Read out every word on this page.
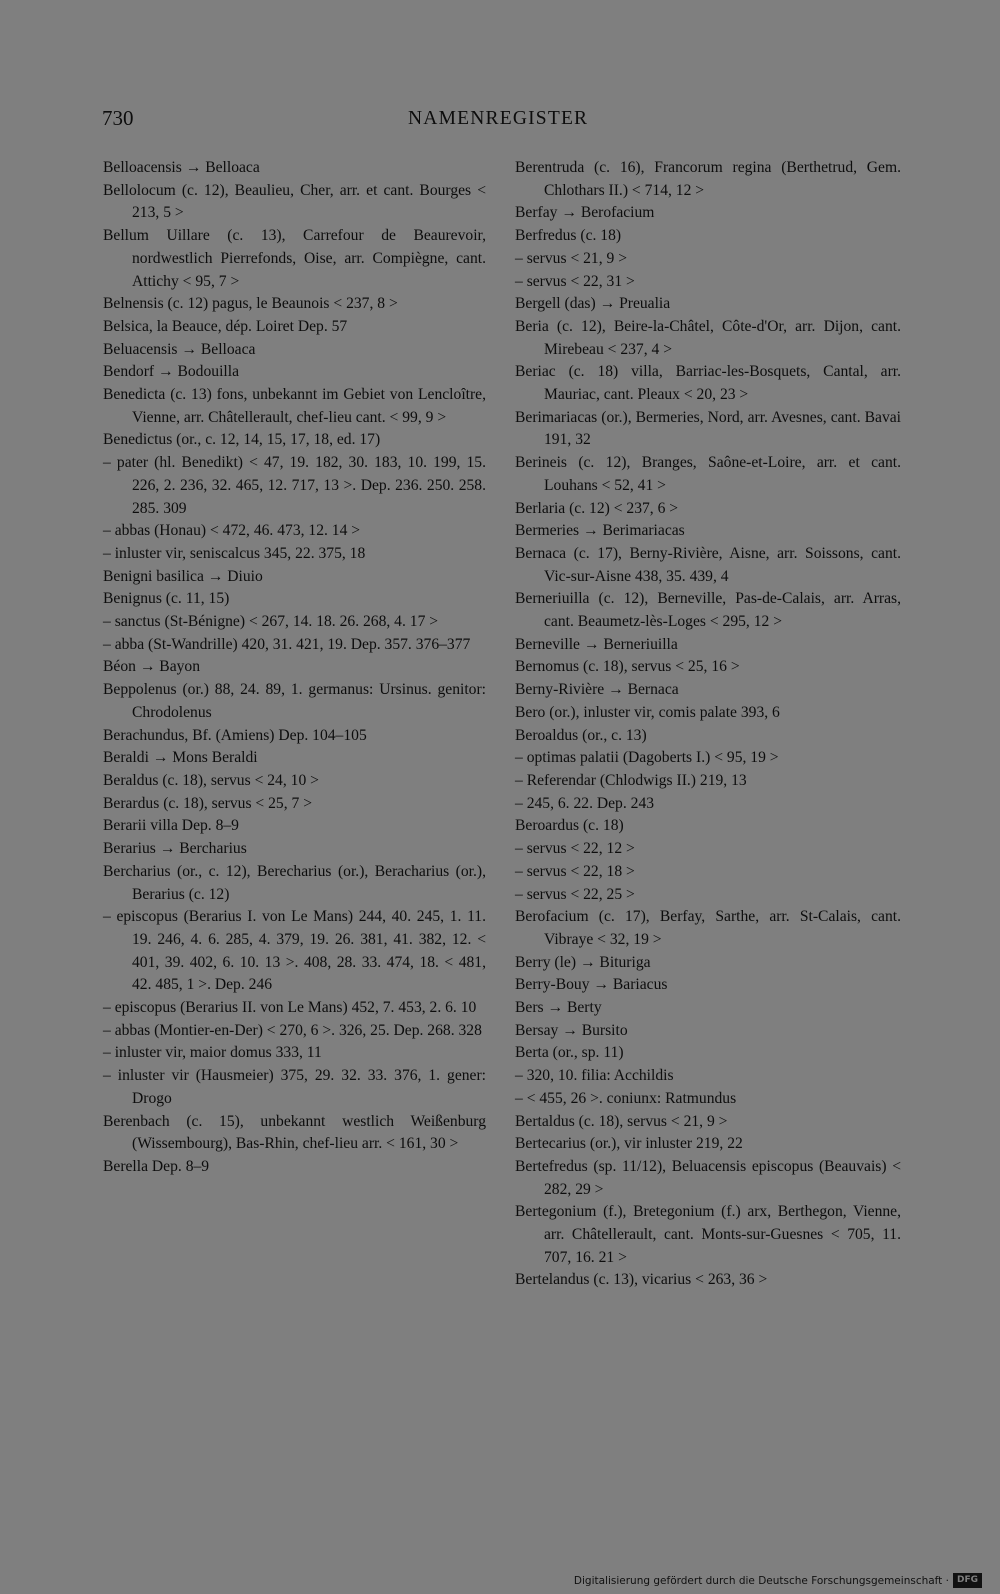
730	NAMENREGISTER
Belloacensis → Belloaca
Bellolocum (c. 12), Beaulieu, Cher, arr. et cant. Bourges < 213, 5 >
Bellum Uillare (c. 13), Carrefour de Beaurevoir, nordwestlich Pierrefonds, Oise, arr. Compiègne, cant. Attichy < 95, 7 >
Belnensis (c. 12) pagus, le Beaunois < 237, 8 >
Belsica, la Beauce, dép. Loiret Dep. 57
Beluacensis → Belloaca
Bendorf → Bodouilla
Benedicta (c. 13) fons, unbekannt im Gebiet von Lencloître, Vienne, arr. Châtellerault, chef-lieu cant. < 99, 9 >
Benedictus (or., c. 12, 14, 15, 17, 18, ed. 17)
– pater (hl. Benedikt) < 47, 19. 182, 30. 183, 10. 199, 15. 226, 2. 236, 32. 465, 12. 717, 13 >. Dep. 236. 250. 258. 285. 309
– abbas (Honau) < 472, 46. 473, 12. 14 >
– inluster vir, seniscalcus 345, 22. 375, 18
Benigni basilica → Diuio
Benignus (c. 11, 15)
– sanctus (St-Bénigne) < 267, 14. 18. 26. 268, 4. 17 >
– abba (St-Wandrille) 420, 31. 421, 19. Dep. 357. 376–377
Béon → Bayon
Beppolenus (or.) 88, 24. 89, 1. germanus: Ursinus. genitor: Chrodolenus
Berachundus, Bf. (Amiens) Dep. 104–105
Beraldi → Mons Beraldi
Beraldus (c. 18), servus < 24, 10 >
Berardus (c. 18), servus < 25, 7 >
Berarii villa Dep. 8–9
Berarius → Bercharius
Bercharius (or., c. 12), Berecharius (or.), Beracharius (or.), Berarius (c. 12)
– episcopus (Berarius I. von Le Mans) 244, 40. 245, 1. 11. 19. 246, 4. 6. 285, 4. 379, 19. 26. 381, 41. 382, 12. < 401, 39. 402, 6. 10. 13 >. 408, 28. 33. 474, 18. < 481, 42. 485, 1 >. Dep. 246
– episcopus (Berarius II. von Le Mans) 452, 7. 453, 2. 6. 10
– abbas (Montier-en-Der) < 270, 6 >. 326, 25. Dep. 268. 328
– inluster vir, maior domus 333, 11
– inluster vir (Hausmeier) 375, 29. 32. 33. 376, 1. gener: Drogo
Berenbach (c. 15), unbekannt westlich Weißenburg (Wissembourg), Bas-Rhin, chef-lieu arr. < 161, 30 >
Berella Dep. 8–9
Berentruda (c. 16), Francorum regina (Berthetrud, Gem. Chlothars II.) < 714, 12 >
Berfay → Berofacium
Berfredus (c. 18)
– servus < 21, 9 >
– servus < 22, 31 >
Bergell (das) → Preualia
Beria (c. 12), Beire-la-Châtel, Côte-d'Or, arr. Dijon, cant. Mirebeau < 237, 4 >
Beriac (c. 18) villa, Barriac-les-Bosquets, Cantal, arr. Mauriac, cant. Pleaux < 20, 23 >
Berimariacas (or.), Bermeries, Nord, arr. Avesnes, cant. Bavai 191, 32
Berineis (c. 12), Branges, Saône-et-Loire, arr. et cant. Louhans < 52, 41 >
Berlaria (c. 12) < 237, 6 >
Bermeries → Berimariacas
Bernaca (c. 17), Berny-Rivière, Aisne, arr. Soissons, cant. Vic-sur-Aisne 438, 35. 439, 4
Berneriuilla (c. 12), Berneville, Pas-de-Calais, arr. Arras, cant. Beaumetz-lès-Loges < 295, 12 >
Berneville → Berneriuilla
Bernomus (c. 18), servus < 25, 16 >
Berny-Rivière → Bernaca
Bero (or.), inluster vir, comis palate 393, 6
Beroaldus (or., c. 13)
– optimas palatii (Dagoberts I.) < 95, 19 >
– Referendar (Chlodwigs II.) 219, 13
– 245, 6. 22. Dep. 243
Beroardus (c. 18)
– servus < 22, 12 >
– servus < 22, 18 >
– servus < 22, 25 >
Berofacium (c. 17), Berfay, Sarthe, arr. St-Calais, cant. Vibraye < 32, 19 >
Berry (le) → Bituriga
Berry-Bouy → Bariacus
Bers → Berty
Bersay → Bursito
Berta (or., sp. 11)
– 320, 10. filia: Acchildis
– < 455, 26 >. coniunx: Ratmundus
Bertaldus (c. 18), servus < 21, 9 >
Bertecarius (or.), vir inluster 219, 22
Bertefredus (sp. 11/12), Beluacensis episcopus (Beauvais) < 282, 29 >
Bertegonium (f.), Bretegonium (f.) arx, Berthegon, Vienne, arr. Châtellerault, cant. Monts-sur-Guesnes < 705, 11. 707, 16. 21 >
Bertelandus (c. 13), vicarius < 263, 36 >
Digitalisierung gefördert durch die Deutsche Forschungsgemeinschaft · DFG
